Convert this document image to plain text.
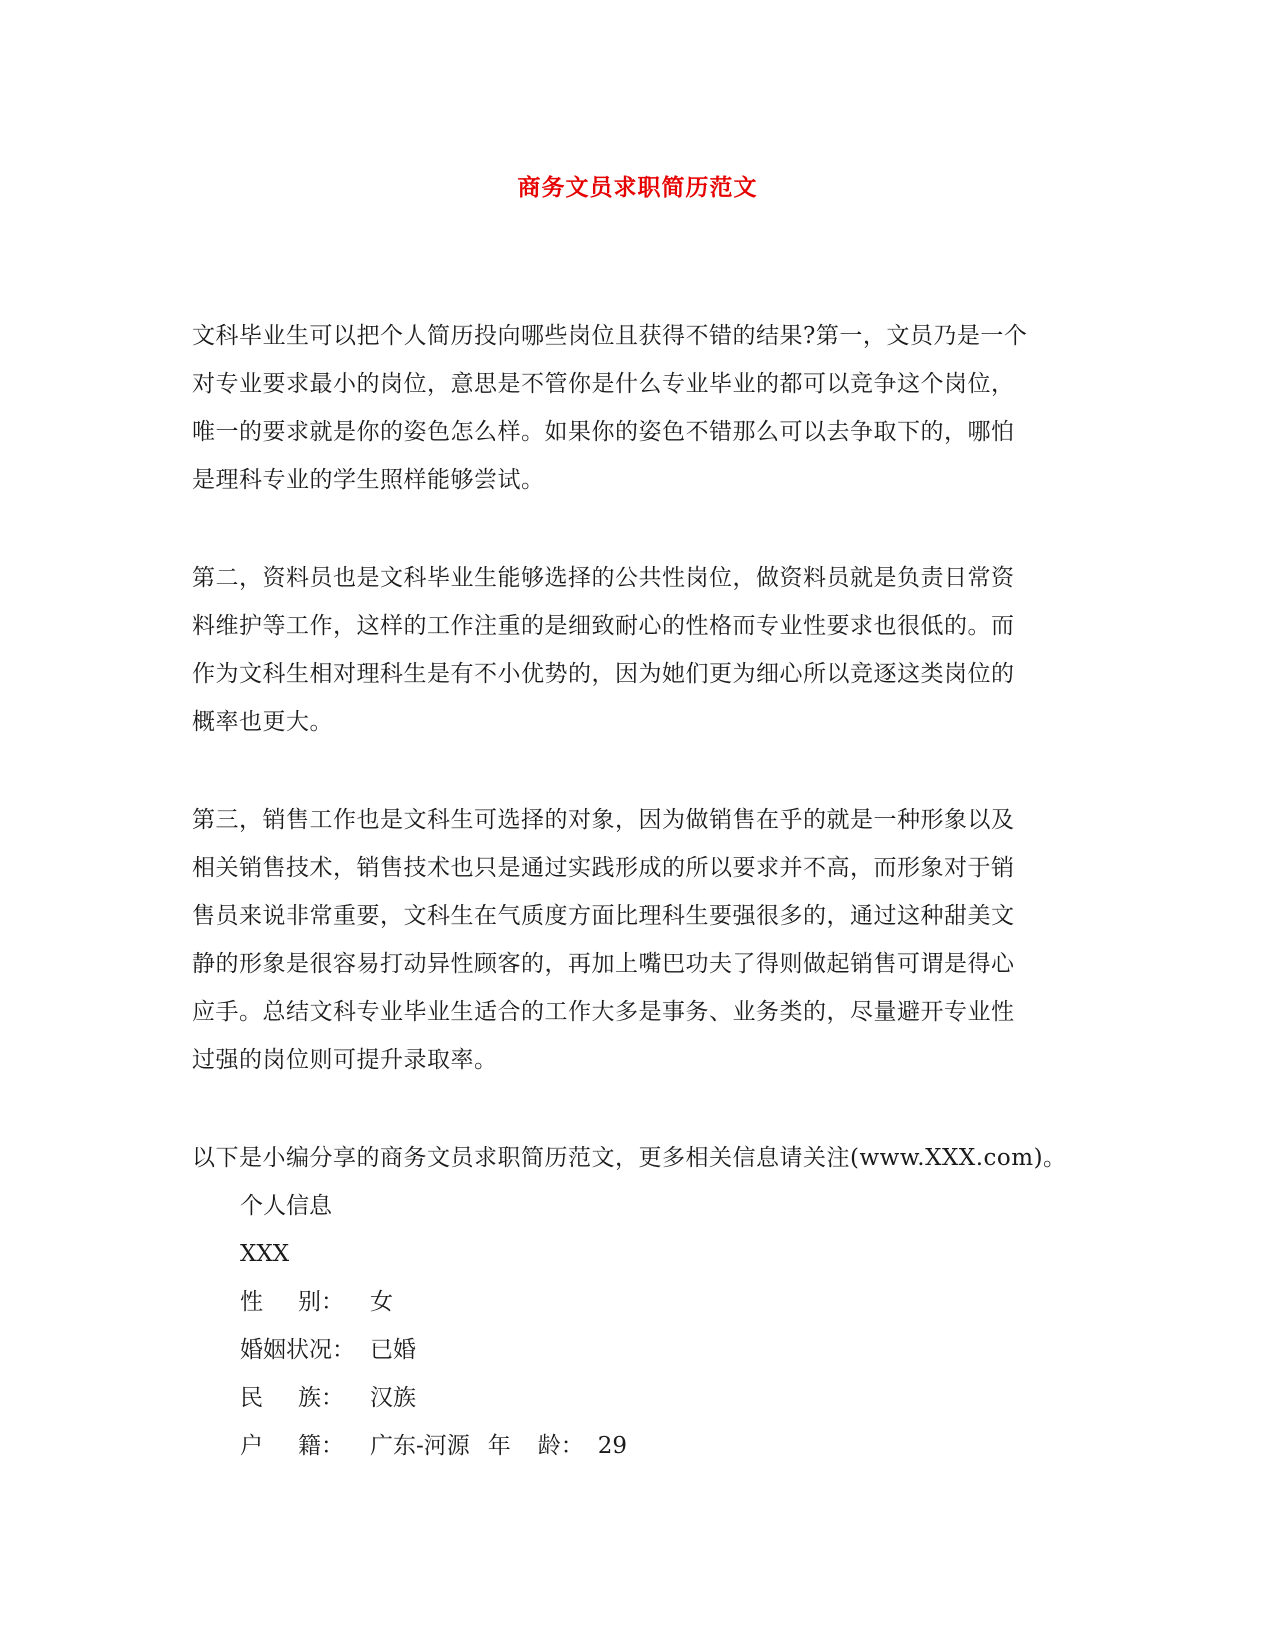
商务文员求职简历范文

文科毕业生可以把个人简历投向哪些岗位且获得不错的结果?第一，文员乃是一个
对专业要求最小的岗位，意思是不管你是什么专业毕业的都可以竞争这个岗位，
唯一的要求就是你的姿色怎么样。如果你的姿色不错那么可以去争取下的，哪怕
是理科专业的学生照样能够尝试。

第二，资料员也是文科毕业生能够选择的公共性岗位，做资料员就是负责日常资
料维护等工作，这样的工作注重的是细致耐心的性格而专业性要求也很低的。而
作为文科生相对理科生是有不小优势的，因为她们更为细心所以竞逐这类岗位的
概率也更大。

第三，销售工作也是文科生可选择的对象，因为做销售在乎的就是一种形象以及
相关销售技术，销售技术也只是通过实践形成的所以要求并不高，而形象对于销
售员来说非常重要，文科生在气质度方面比理科生要强很多的，通过这种甜美文
静的形象是很容易打动异性顾客的，再加上嘴巴功夫了得则做起销售可谓是得心
应手。总结文科专业毕业生适合的工作大多是事务、业务类的，尽量避开专业性
过强的岗位则可提升录取率。

以下是小编分享的商务文员求职简历范文，更多相关信息请关注(www.XXX.com)。

个人信息
XXX
性 别： 女
婚姻状况： 已婚
民 族： 汉族
户 籍： 广东-河源 年 龄： 29
